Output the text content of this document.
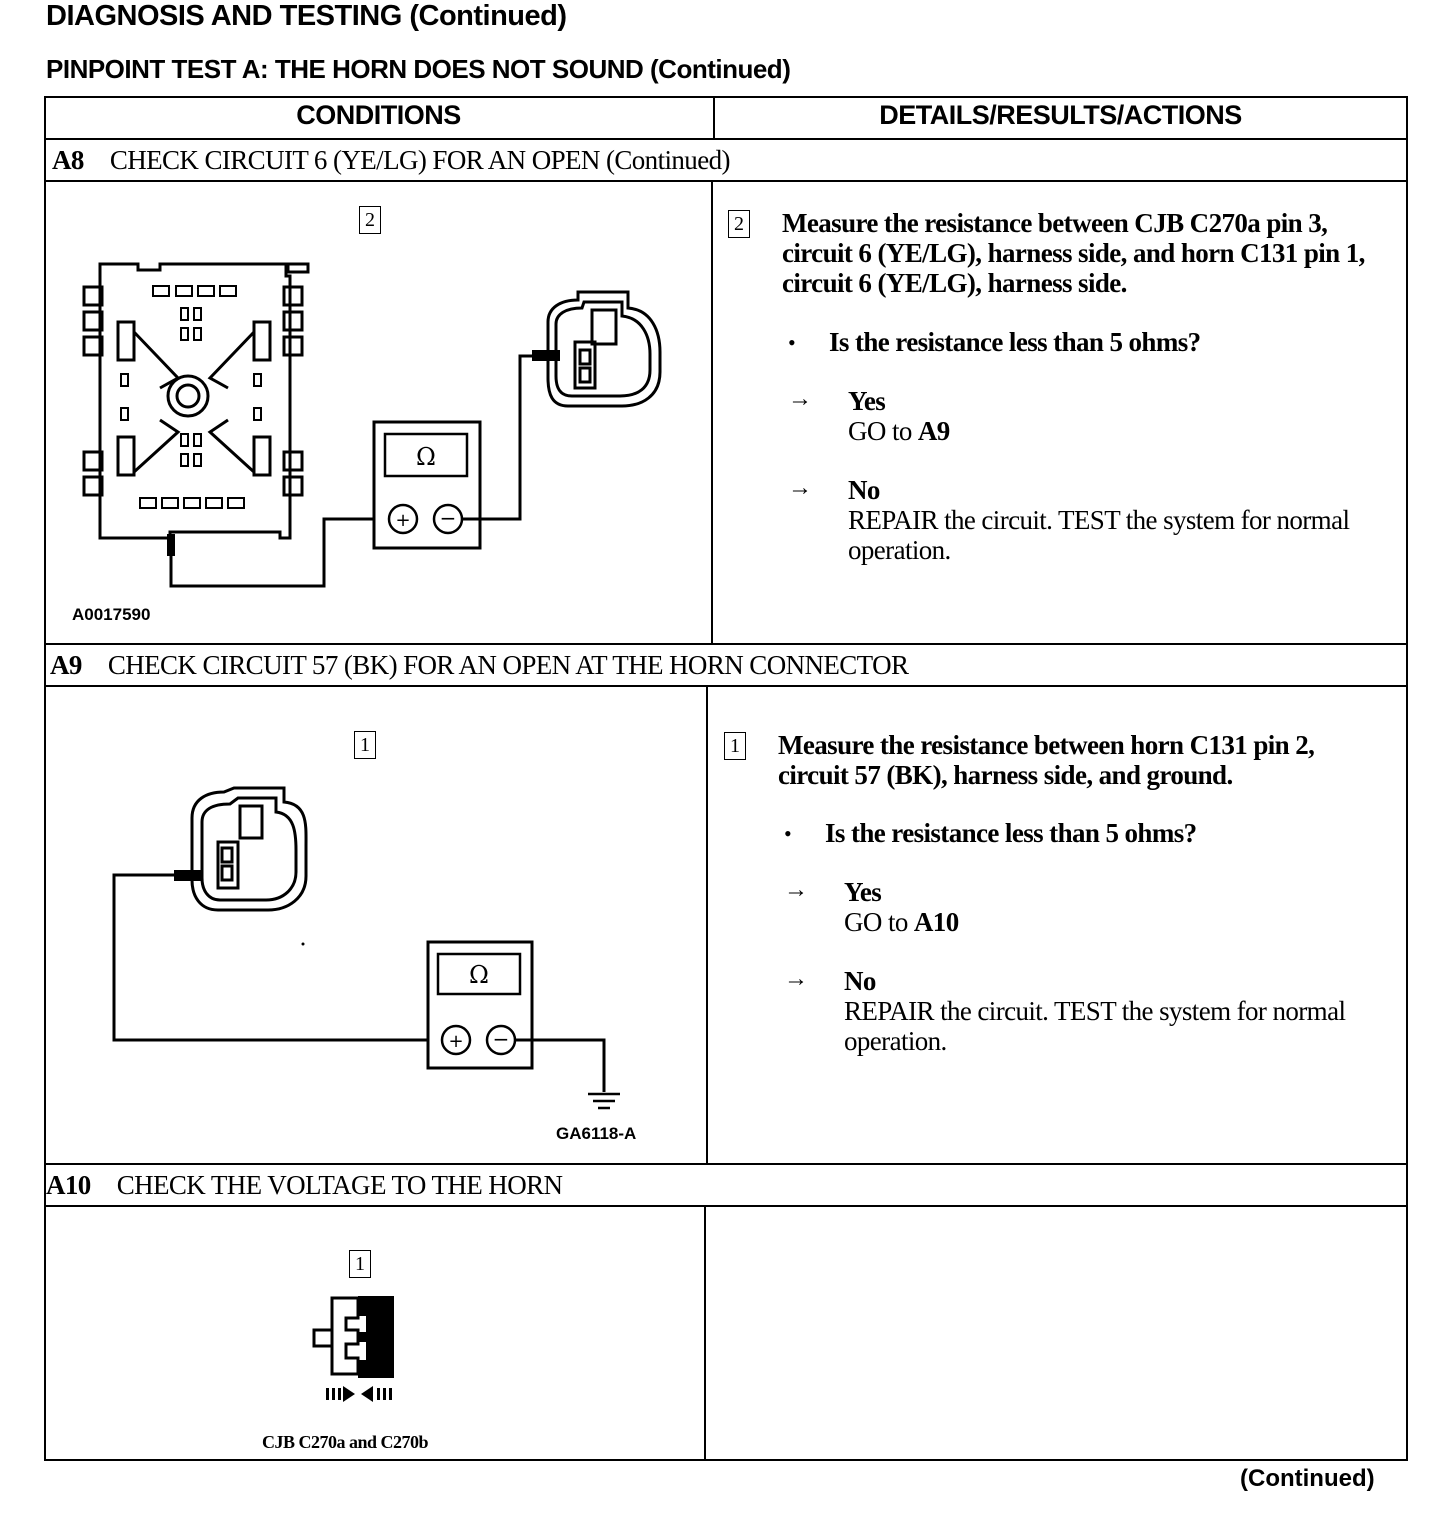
DIAGNOSIS AND TESTING (Continued)
PINPOINT TEST A: THE HORN DOES NOT SOUND (Continued)
CONDITIONS	DETAILS/RESULTS/ACTIONS
A8 CHECK CIRCUIT 6 (YE/LG) FOR AN OPEN (Continued)
2
Ω
+ −
A0017590
2 Measure the resistance between CJB C270a pin 3, circuit 6 (YE/LG), harness side, and horn C131 pin 1, circuit 6 (YE/LG), harness side.
• Is the resistance less than 5 ohms?
→ Yes
GO to A9
→ No
REPAIR the circuit. TEST the system for normal operation.
A9 CHECK CIRCUIT 57 (BK) FOR AN OPEN AT THE HORN CONNECTOR
1
Ω
+ −
GA6118-A
1 Measure the resistance between horn C131 pin 2, circuit 57 (BK), harness side, and ground.
• Is the resistance less than 5 ohms?
→ Yes
GO to A10
→ No
REPAIR the circuit. TEST the system for normal operation.
A10 CHECK THE VOLTAGE TO THE HORN
1
CJB C270a and C270b
(Continued)
